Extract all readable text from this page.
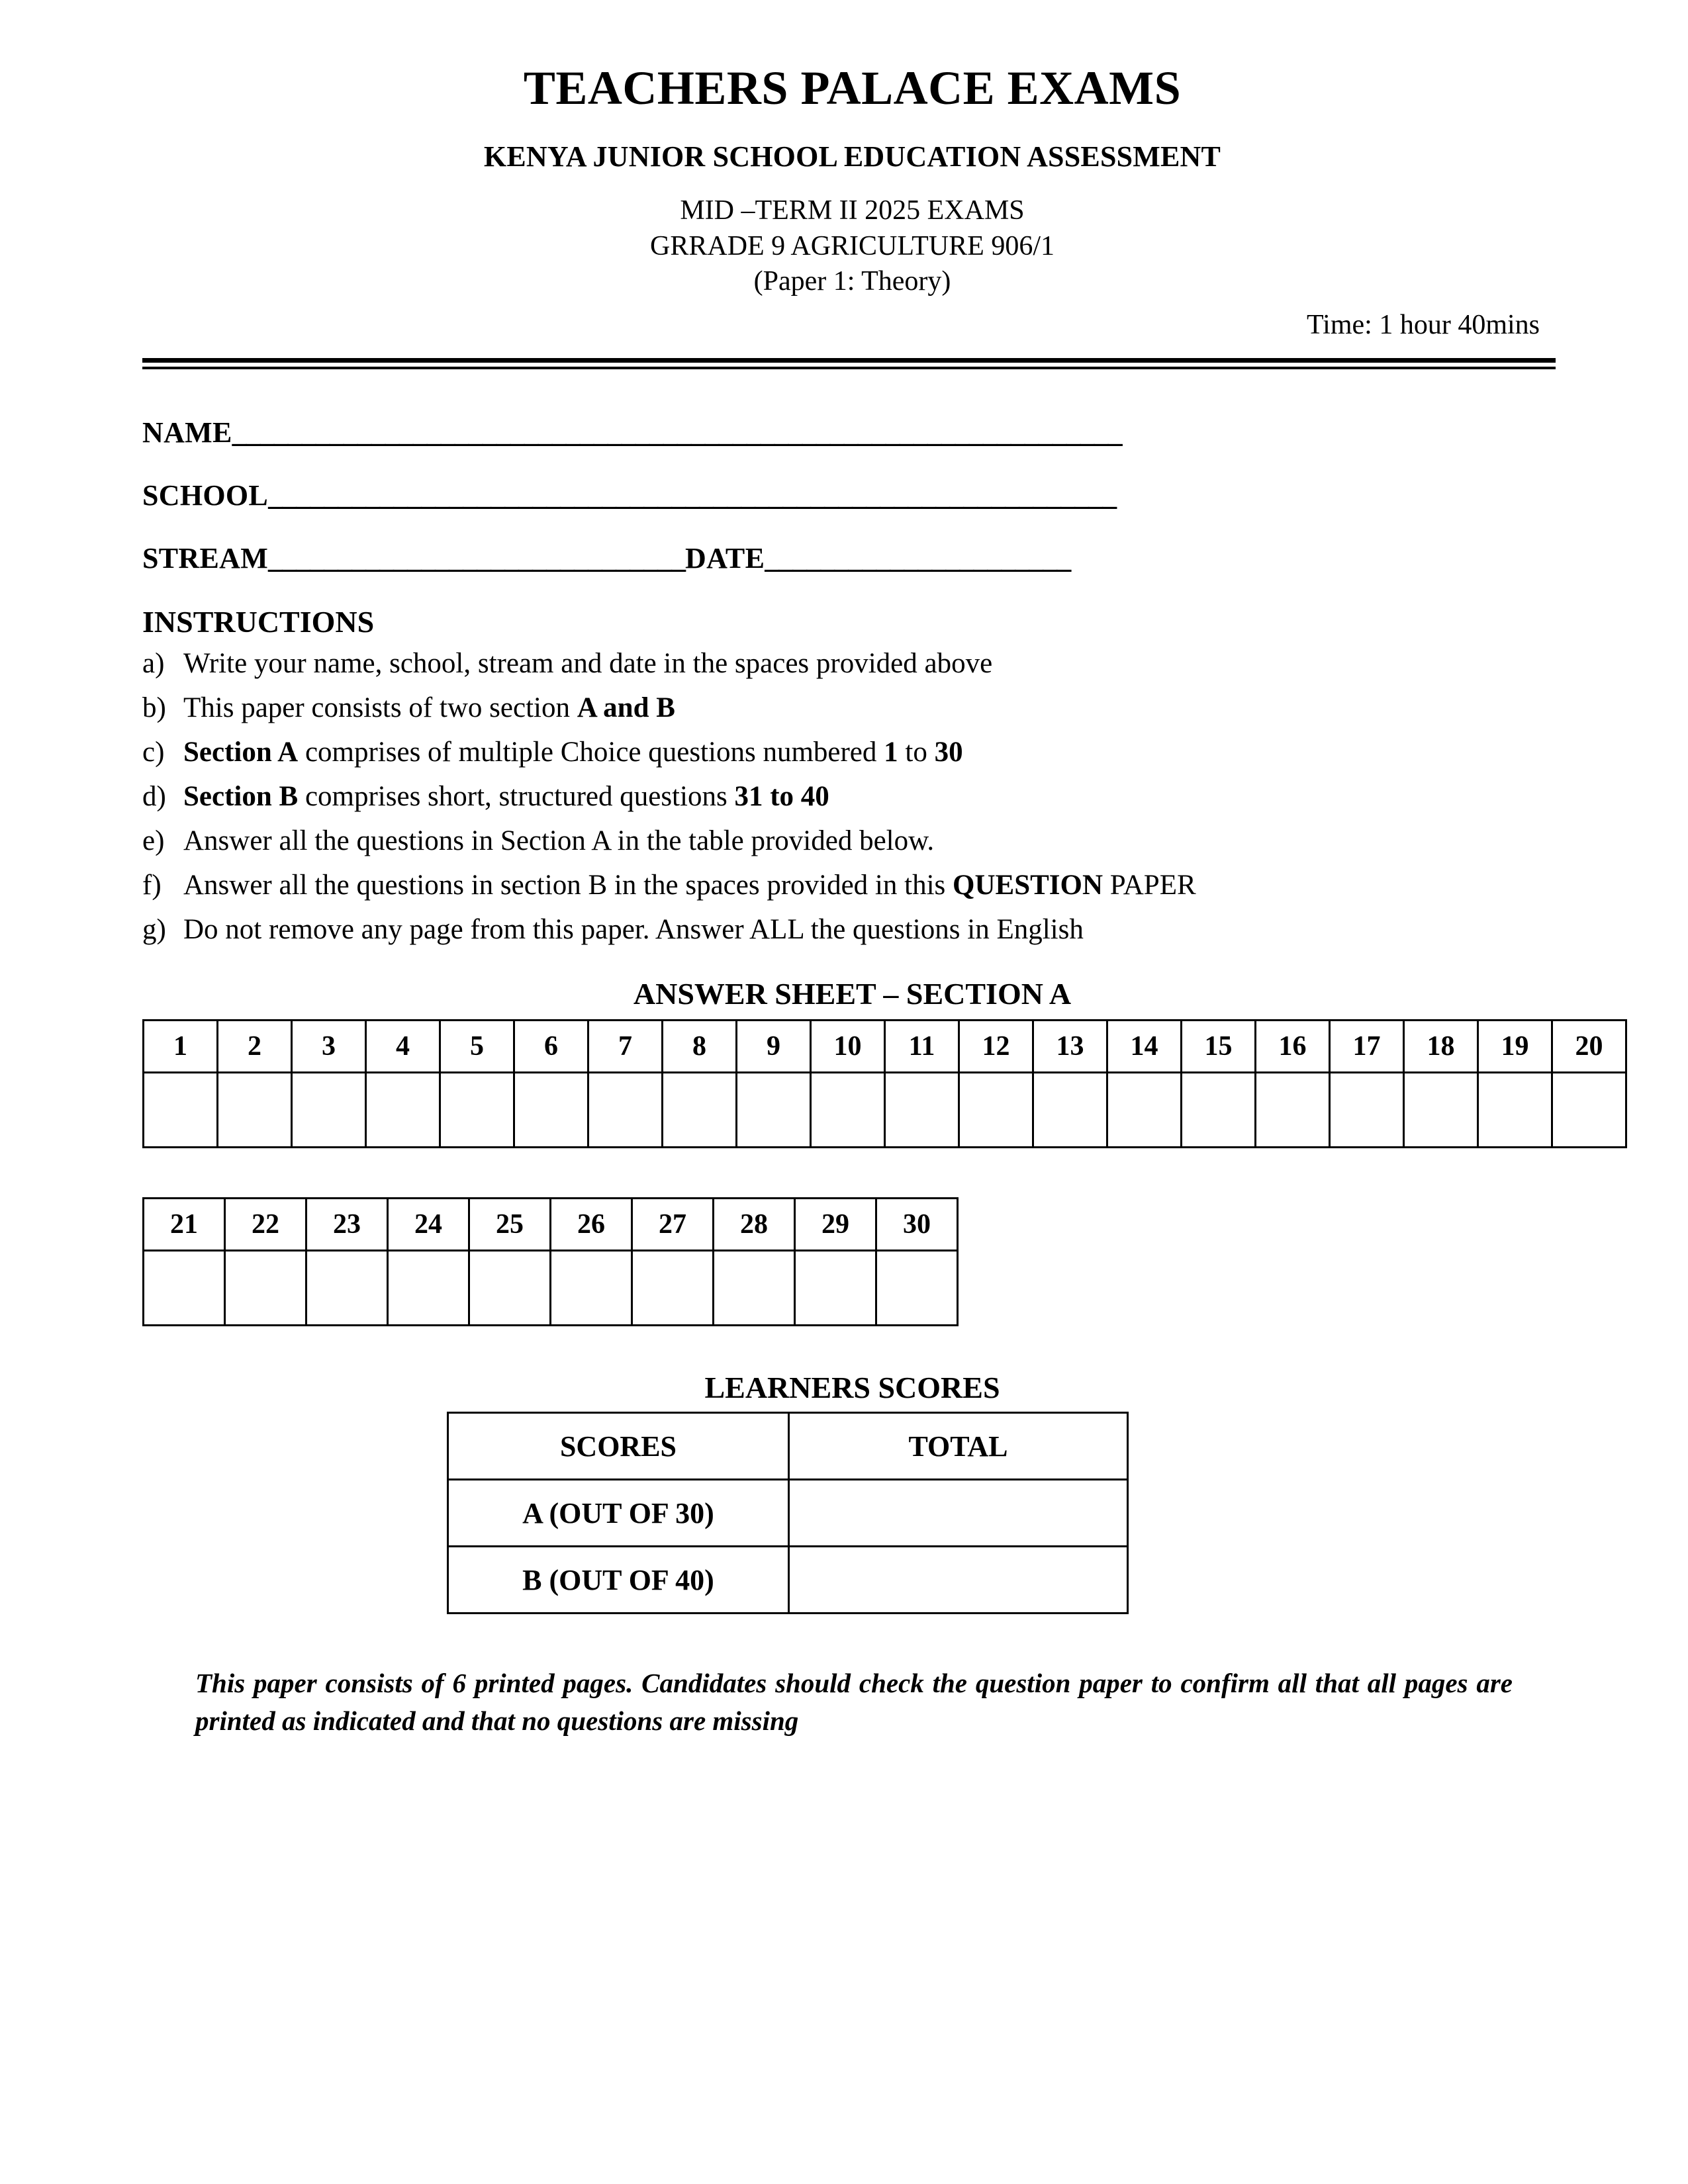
TEACHERS PALACE EXAMS
KENYA JUNIOR SCHOOL EDUCATION ASSESSMENT
MID –TERM II 2025 EXAMS
GRRADE 9 AGRICULTURE 906/1
(Paper 1: Theory)
Time: 1 hour 40mins
NAME________________________________________________________________
SCHOOL_____________________________________________________________
STREAM______________________________DATE______________________
INSTRUCTIONS
a) Write your name, school, stream and date in the spaces provided above
b) This paper consists of two section A and B
c) Section A comprises of multiple Choice questions numbered 1 to 30
d) Section B comprises short, structured questions 31 to 40
e) Answer all the questions in Section A in the table provided below.
f) Answer all the questions in section B in the spaces provided in this QUESTION PAPER
g) Do not remove any page from this paper. Answer ALL the questions in English
ANSWER SHEET – SECTION A
1	2	3	4	5	6	7	8	9	10	11	12	13	14	15	16	17	18	19	20

21	22	23	24	25	26	27	28	29	30

LEARNERS SCORES
SCORES	TOTAL
A (OUT OF 30)	
B (OUT OF 40)	
This paper consists of 6 printed pages. Candidates should check the question paper to confirm all that all pages are printed as indicated and that no questions are missing
